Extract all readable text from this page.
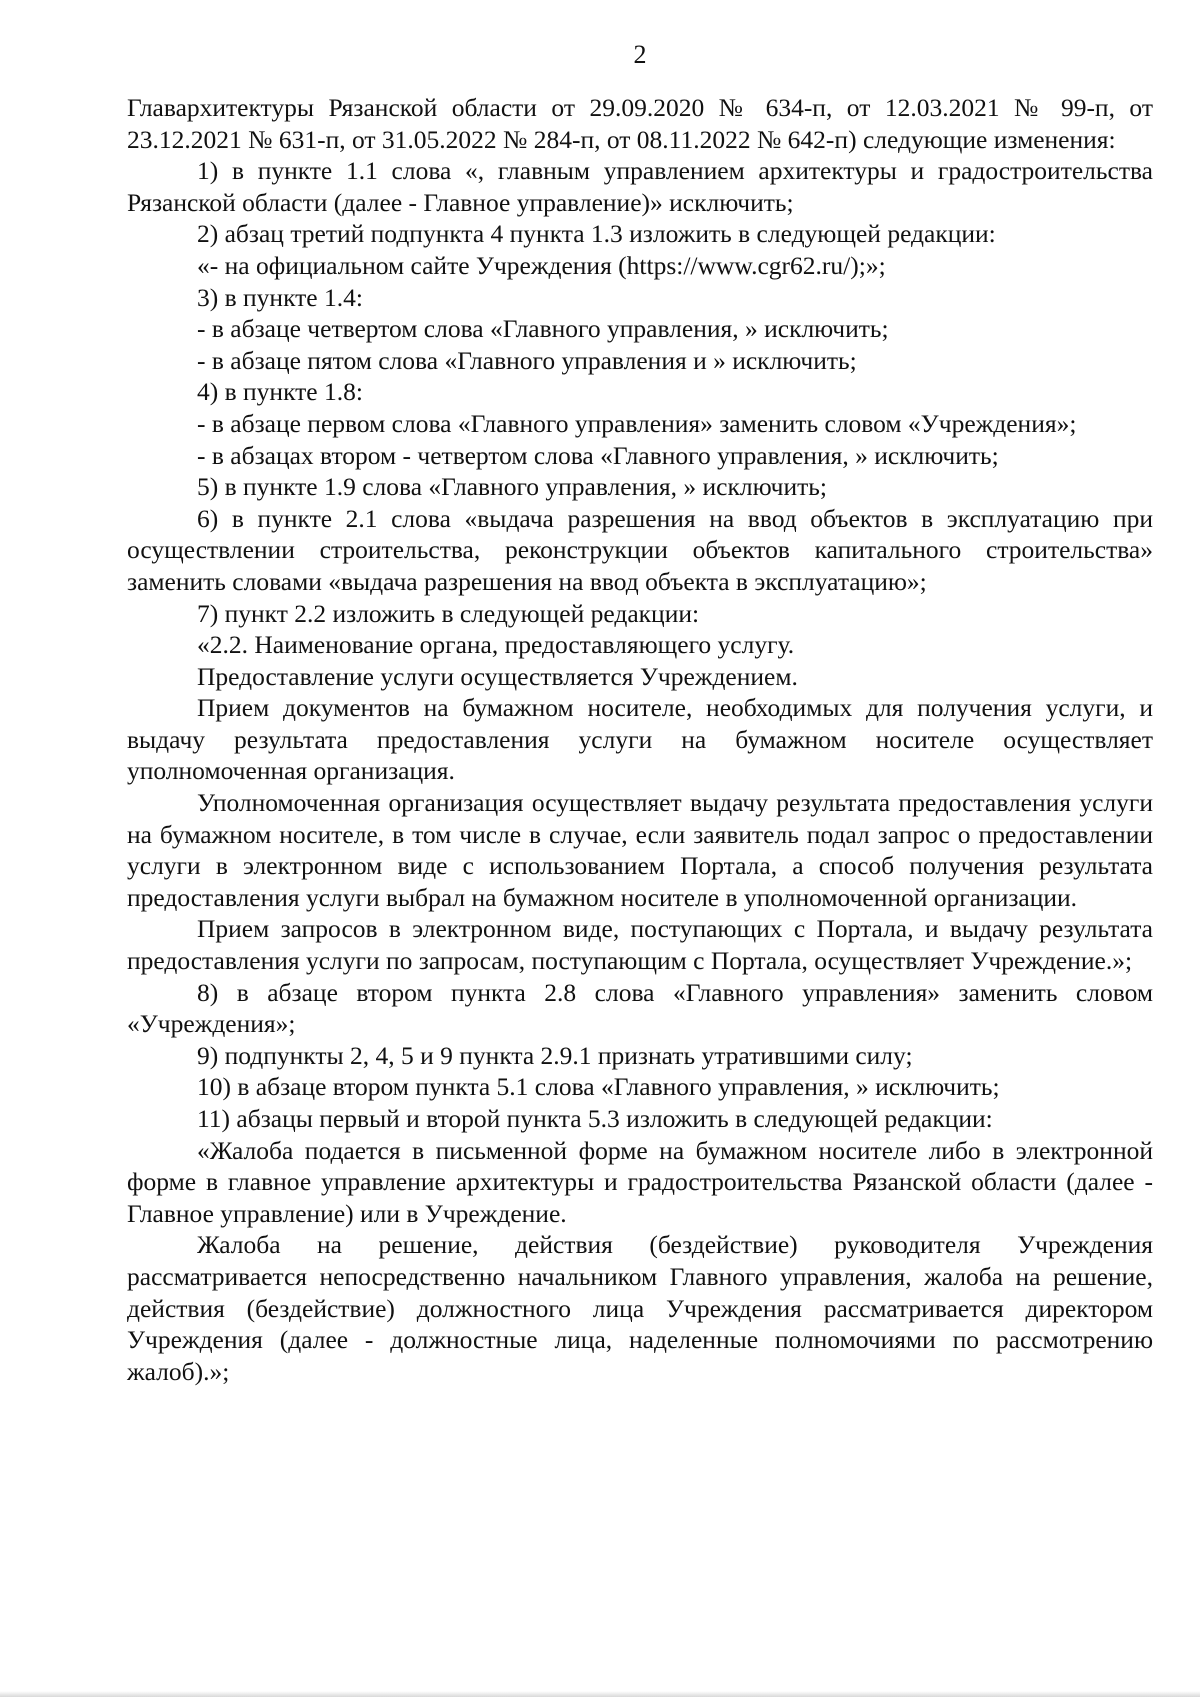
2

Главархитектуры Рязанской области от 29.09.2020 № 634-п, от 12.03.2021 № 99-п, от 23.12.2021 № 631-п, от 31.05.2022 № 284-п, от 08.11.2022 № 642-п) следующие изменения:

1) в пункте 1.1 слова «, главным управлением архитектуры и градостроительства Рязанской области (далее - Главное управление)» исключить;

2) абзац третий подпункта 4 пункта 1.3 изложить в следующей редакции:

«- на официальном сайте Учреждения (https://www.cgr62.ru/);»;

3) в пункте 1.4:

- в абзаце четвертом слова «Главного управления, » исключить;

- в абзаце пятом слова «Главного управления и » исключить;

4) в пункте 1.8:

- в абзаце первом слова «Главного управления» заменить словом «Учреждения»;

- в абзацах втором - четвертом слова «Главного управления, » исключить;

5) в пункте 1.9 слова «Главного управления, » исключить;

6) в пункте 2.1 слова «выдача разрешения на ввод объектов в эксплуатацию при осуществлении строительства, реконструкции объектов капитального строительства» заменить словами «выдача разрешения на ввод объекта в эксплуатацию»;

7) пункт 2.2 изложить в следующей редакции:

«2.2. Наименование органа, предоставляющего услугу.

Предоставление услуги осуществляется Учреждением.

Прием документов на бумажном носителе, необходимых для получения услуги, и выдачу результата предоставления услуги на бумажном носителе осуществляет уполномоченная организация.

Уполномоченная организация осуществляет выдачу результата предоставления услуги на бумажном носителе, в том числе в случае, если заявитель подал запрос о предоставлении услуги в электронном виде с использованием Портала, а способ получения результата предоставления услуги выбрал на бумажном носителе в уполномоченной организации.

Прием запросов в электронном виде, поступающих с Портала, и выдачу результата предоставления услуги по запросам, поступающим с Портала, осуществляет Учреждение.»;

8) в абзаце втором пункта 2.8 слова «Главного управления» заменить словом «Учреждения»;

9) подпункты 2, 4, 5 и 9 пункта 2.9.1 признать утратившими силу;

10) в абзаце втором пункта 5.1 слова «Главного управления, » исключить;

11) абзацы первый и второй пункта 5.3 изложить в следующей редакции:

«Жалоба подается в письменной форме на бумажном носителе либо в электронной форме в главное управление архитектуры и градостроительства Рязанской области (далее - Главное управление) или в Учреждение.

Жалоба на решение, действия (бездействие) руководителя Учреждения рассматривается непосредственно начальником Главного управления, жалоба на решение, действия (бездействие) должностного лица Учреждения рассматривается директором Учреждения (далее - должностные лица, наделенные полномочиями по рассмотрению жалоб).»;
